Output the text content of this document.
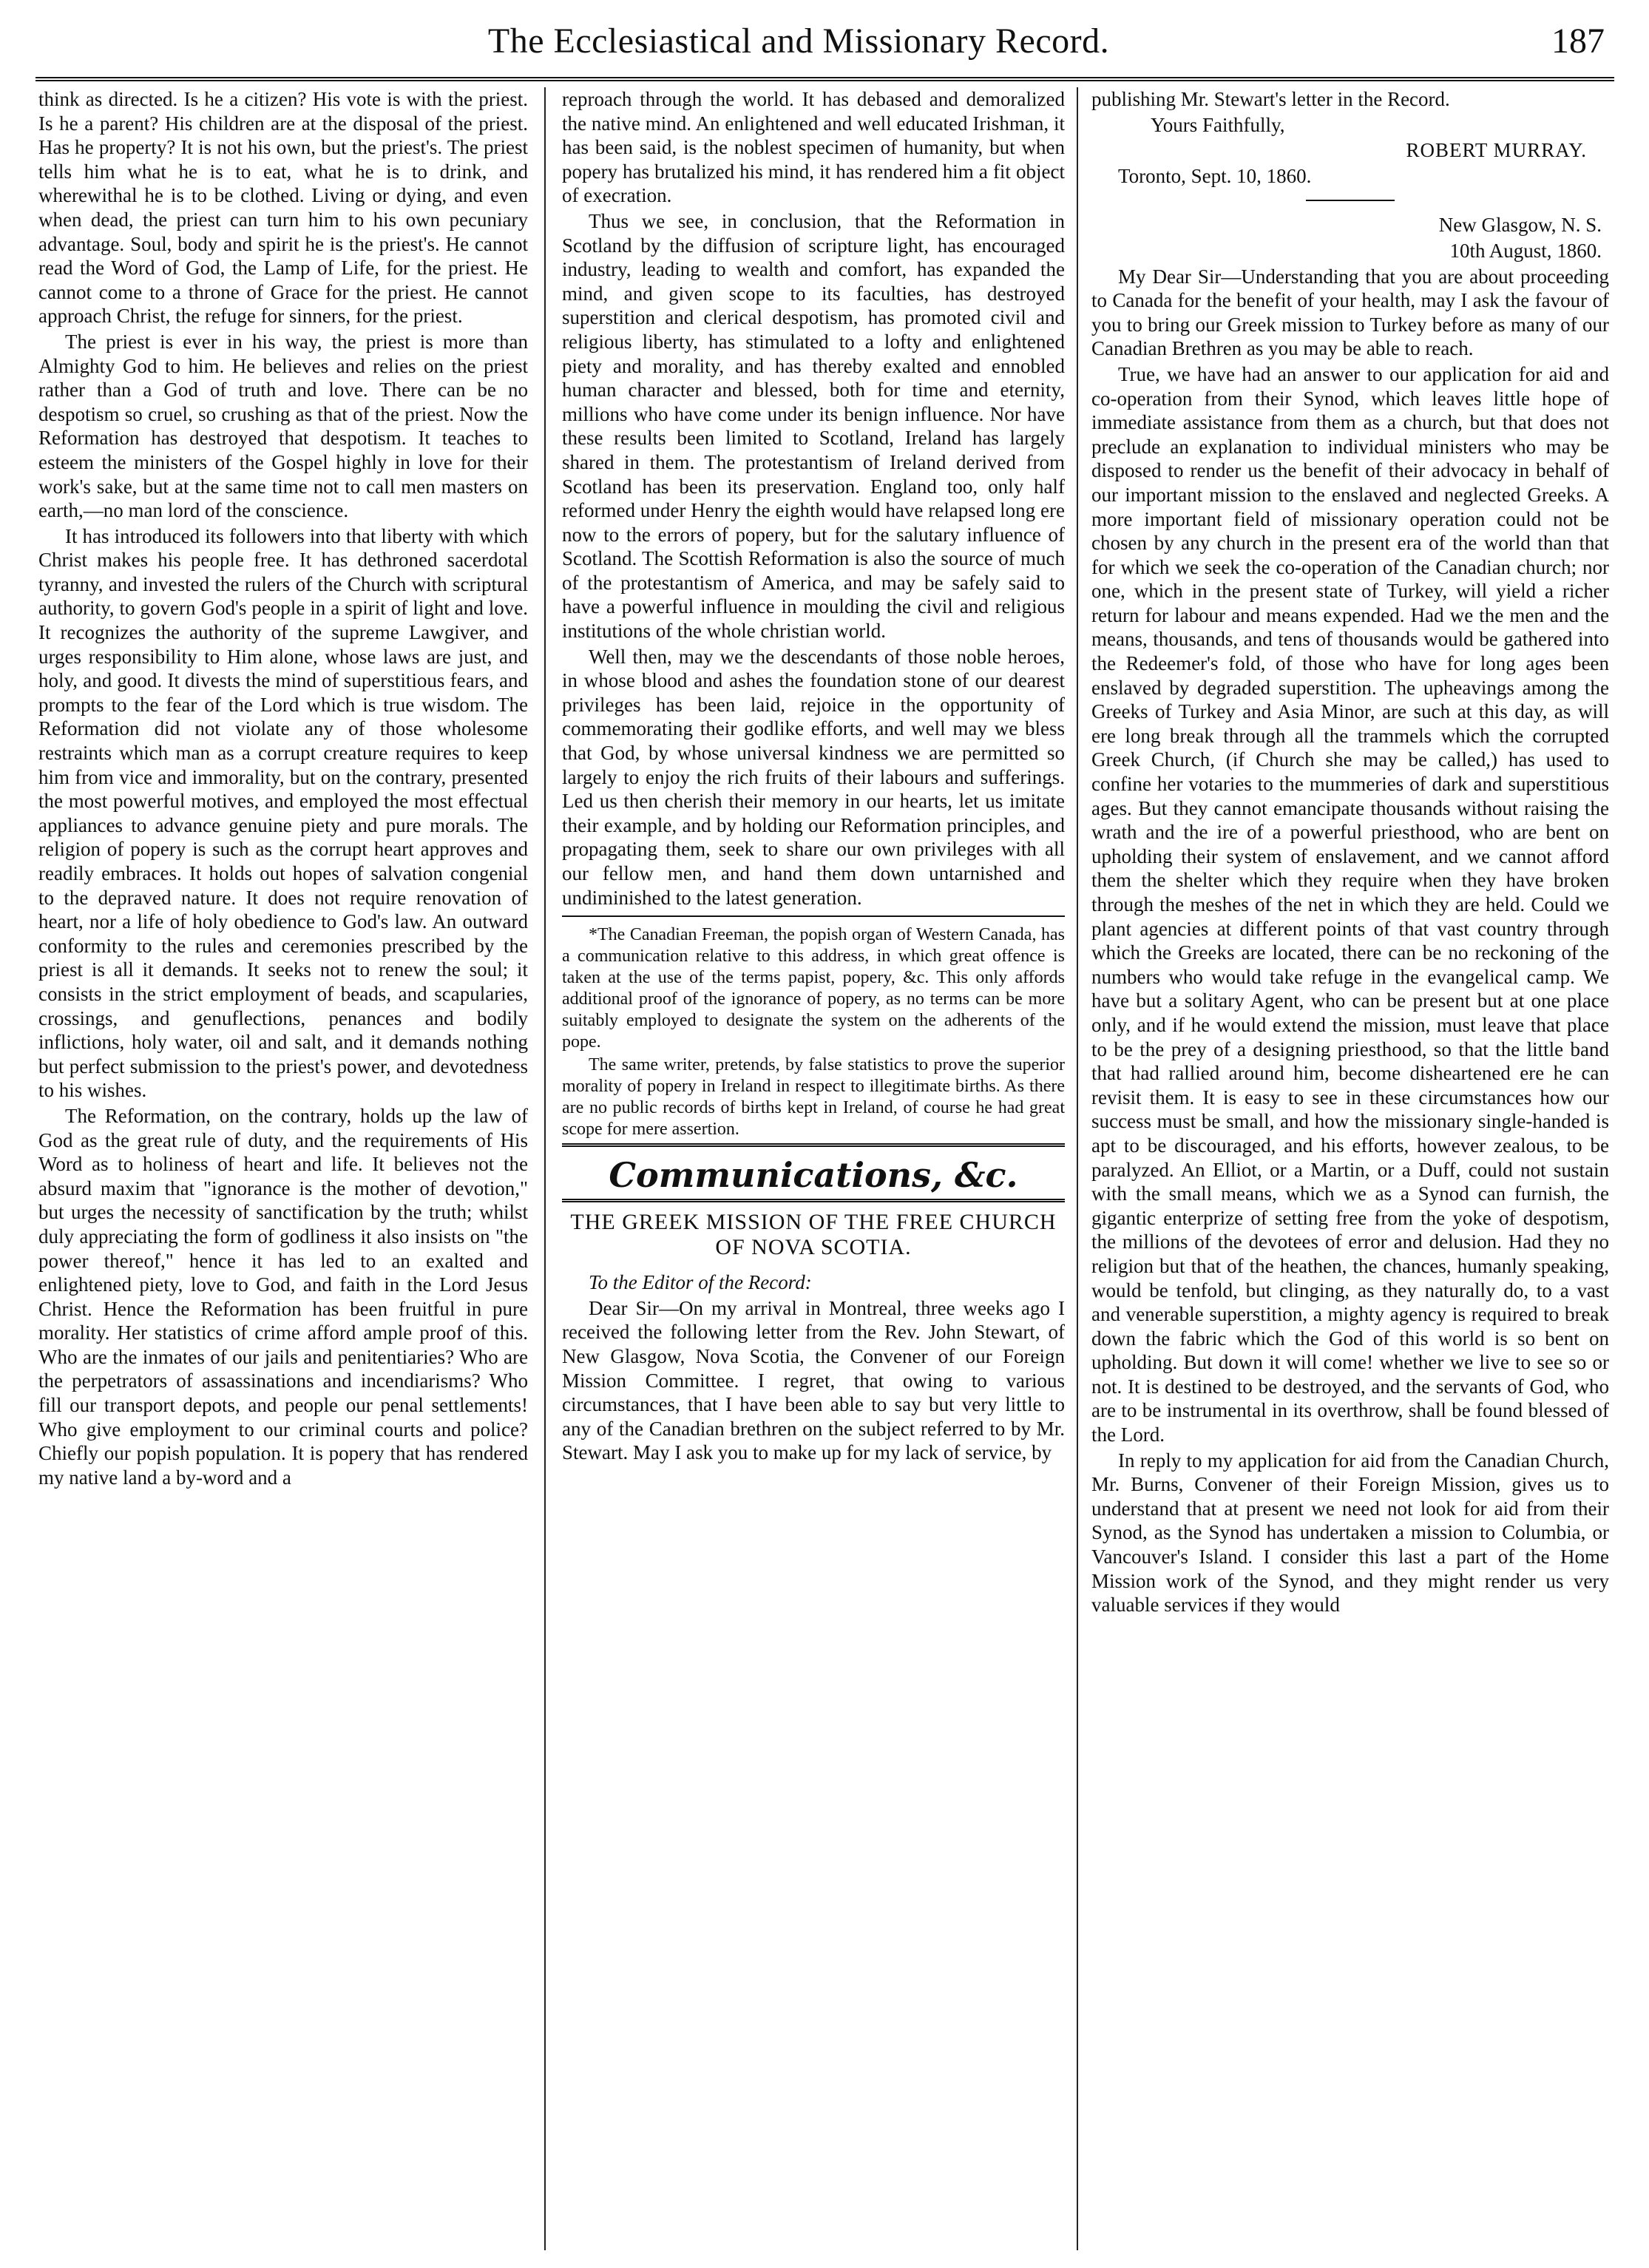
The Ecclesiastical and Missionary Record.	187

think as directed. Is he a citizen? His vote is with the priest. Is he a parent? His children are at the disposal of the priest. Has he property? It is not his own, but the priest's. The priest tells him what he is to eat, what he is to drink, and wherewithal he is to be clothed. Living or dying, and even when dead, the priest can turn him to his own pecuniary advantage. Soul, body and spirit he is the priest's. He cannot read the Word of God, the Lamp of Life, for the priest. He cannot come to a throne of Grace for the priest. He cannot approach Christ, the refuge for sinners, for the priest.

The priest is ever in his way, the priest is more than Almighty God to him. He believes and relies on the priest rather than a God of truth and love. There can be no despotism so cruel, so crushing as that of the priest. Now the Reformation has destroyed that despotism. It teaches to esteem the ministers of the Gospel highly in love for their work's sake, but at the same time not to call men masters on earth,—no man lord of the conscience.

It has introduced its followers into that liberty with which Christ makes his people free. It has dethroned sacerdotal tyranny, and invested the rulers of the Church with scriptural authority, to govern God's people in a spirit of light and love. It recognizes the authority of the supreme Lawgiver, and urges responsibility to Him alone, whose laws are just, and holy, and good. It divests the mind of superstitious fears, and prompts to the fear of the Lord which is true wisdom. The Reformation did not violate any of those wholesome restraints which man as a corrupt creature requires to keep him from vice and immorality, but on the contrary, presented the most powerful motives, and employed the most effectual appliances to advance genuine piety and pure morals. The religion of popery is such as the corrupt heart approves and readily embraces. It holds out hopes of salvation congenial to the depraved nature. It does not require renovation of heart, nor a life of holy obedience to God's law. An outward conformity to the rules and ceremonies prescribed by the priest is all it demands. It seeks not to renew the soul; it consists in the strict employment of beads, and scapularies, crossings, and genuflections, penances and bodily inflictions, holy water, oil and salt, and it demands nothing but perfect submission to the priest's power, and devotedness to his wishes.

The Reformation, on the contrary, holds up the law of God as the great rule of duty, and the requirements of His Word as to holiness of heart and life. It believes not the absurd maxim that "ignorance is the mother of devotion," but urges the necessity of sanctification by the truth; whilst duly appreciating the form of godliness it also insists on "the power thereof," hence it has led to an exalted and enlightened piety, love to God, and faith in the Lord Jesus Christ. Hence the Reformation has been fruitful in pure morality. Her statistics of crime afford ample proof of this. Who are the inmates of our jails and penitentiaries? Who are the perpetrators of assassinations and incendiarisms? Who fill our transport depots, and people our penal settlements! Who give employment to our criminal courts and police? Chiefly our popish population. It is popery that has rendered my native land a by-word and a

reproach through the world. It has debased and demoralized the native mind. An enlightened and well educated Irishman, it has been said, is the noblest specimen of humanity, but when popery has brutalized his mind, it has rendered him a fit object of execration.

Thus we see, in conclusion, that the Reformation in Scotland by the diffusion of scripture light, has encouraged industry, leading to wealth and comfort, has expanded the mind, and given scope to its faculties, has destroyed superstition and clerical despotism, has promoted civil and religious liberty, has stimulated to a lofty and enlightened piety and morality, and has thereby exalted and ennobled human character and blessed, both for time and eternity, millions who have come under its benign influence. Nor have these results been limited to Scotland, Ireland has largely shared in them. The protestantism of Ireland derived from Scotland has been its preservation. England too, only half reformed under Henry the eighth would have relapsed long ere now to the errors of popery, but for the salutary influence of Scotland. The Scottish Reformation is also the source of much of the protestantism of America, and may be safely said to have a powerful influence in moulding the civil and religious institutions of the whole christian world.

Well then, may we the descendants of those noble heroes, in whose blood and ashes the foundation stone of our dearest privileges has been laid, rejoice in the opportunity of commemorating their godlike efforts, and well may we bless that God, by whose universal kindness we are permitted so largely to enjoy the rich fruits of their labours and sufferings. Led us then cherish their memory in our hearts, let us imitate their example, and by holding our Reformation principles, and propagating them, seek to share our own privileges with all our fellow men, and hand them down untarnished and undiminished to the latest generation.

*The Canadian Freeman, the popish organ of Western Canada, has a communication relative to this address, in which great offence is taken at the use of the terms papist, popery, &c. This only affords additional proof of the ignorance of popery, as no terms can be more suitably employed to designate the system on the adherents of the pope.

The same writer, pretends, by false statistics to prove the superior morality of popery in Ireland in respect to illegitimate births. As there are no public records of births kept in Ireland, of course he had great scope for mere assertion.

Communications, &c.
THE GREEK MISSION OF THE FREE CHURCH OF NOVA SCOTIA.

To the Editor of the Record:

Dear Sir—On my arrival in Montreal, three weeks ago I received the following letter from the Rev. John Stewart, of New Glasgow, Nova Scotia, the Convener of our Foreign Mission Committee. I regret, that owing to various circumstances, that I have been able to say but very little to any of the Canadian brethren on the subject referred to by Mr. Stewart. May I ask you to make up for my lack of service, by

publishing Mr. Stewart's letter in the Record.

Yours Faithfully,

ROBERT MURRAY.

Toronto, Sept. 10, 1860.

New Glasgow, N. S.

10th August, 1860.

My Dear Sir—Understanding that you are about proceeding to Canada for the benefit of your health, may I ask the favour of you to bring our Greek mission to Turkey before as many of our Canadian Brethren as you may be able to reach.

True, we have had an answer to our application for aid and co-operation from their Synod, which leaves little hope of immediate assistance from them as a church, but that does not preclude an explanation to individual ministers who may be disposed to render us the benefit of their advocacy in behalf of our important mission to the enslaved and neglected Greeks. A more important field of missionary operation could not be chosen by any church in the present era of the world than that for which we seek the co-operation of the Canadian church; nor one, which in the present state of Turkey, will yield a richer return for labour and means expended. Had we the men and the means, thousands, and tens of thousands would be gathered into the Redeemer's fold, of those who have for long ages been enslaved by degraded superstition. The upheavings among the Greeks of Turkey and Asia Minor, are such at this day, as will ere long break through all the trammels which the corrupted Greek Church, (if Church she may be called,) has used to confine her votaries to the mummeries of dark and superstitious ages. But they cannot emancipate thousands without raising the wrath and the ire of a powerful priesthood, who are bent on upholding their system of enslavement, and we cannot afford them the shelter which they require when they have broken through the meshes of the net in which they are held. Could we plant agencies at different points of that vast country through which the Greeks are located, there can be no reckoning of the numbers who would take refuge in the evangelical camp. We have but a solitary Agent, who can be present but at one place only, and if he would extend the mission, must leave that place to be the prey of a designing priesthood, so that the little band that had rallied around him, become disheartened ere he can revisit them. It is easy to see in these circumstances how our success must be small, and how the missionary single-handed is apt to be discouraged, and his efforts, however zealous, to be paralyzed. An Elliot, or a Martin, or a Duff, could not sustain with the small means, which we as a Synod can furnish, the gigantic enterprize of setting free from the yoke of despotism, the millions of the devotees of error and delusion. Had they no religion but that of the heathen, the chances, humanly speaking, would be tenfold, but clinging, as they naturally do, to a vast and venerable superstition, a mighty agency is required to break down the fabric which the God of this world is so bent on upholding. But down it will come! whether we live to see so or not. It is destined to be destroyed, and the servants of God, who are to be instrumental in its overthrow, shall be found blessed of the Lord.

In reply to my application for aid from the Canadian Church, Mr. Burns, Convener of their Foreign Mission, gives us to understand that at present we need not look for aid from their Synod, as the Synod has undertaken a mission to Columbia, or Vancouver's Island. I consider this last a part of the Home Mission work of the Synod, and they might render us very valuable services if they would
